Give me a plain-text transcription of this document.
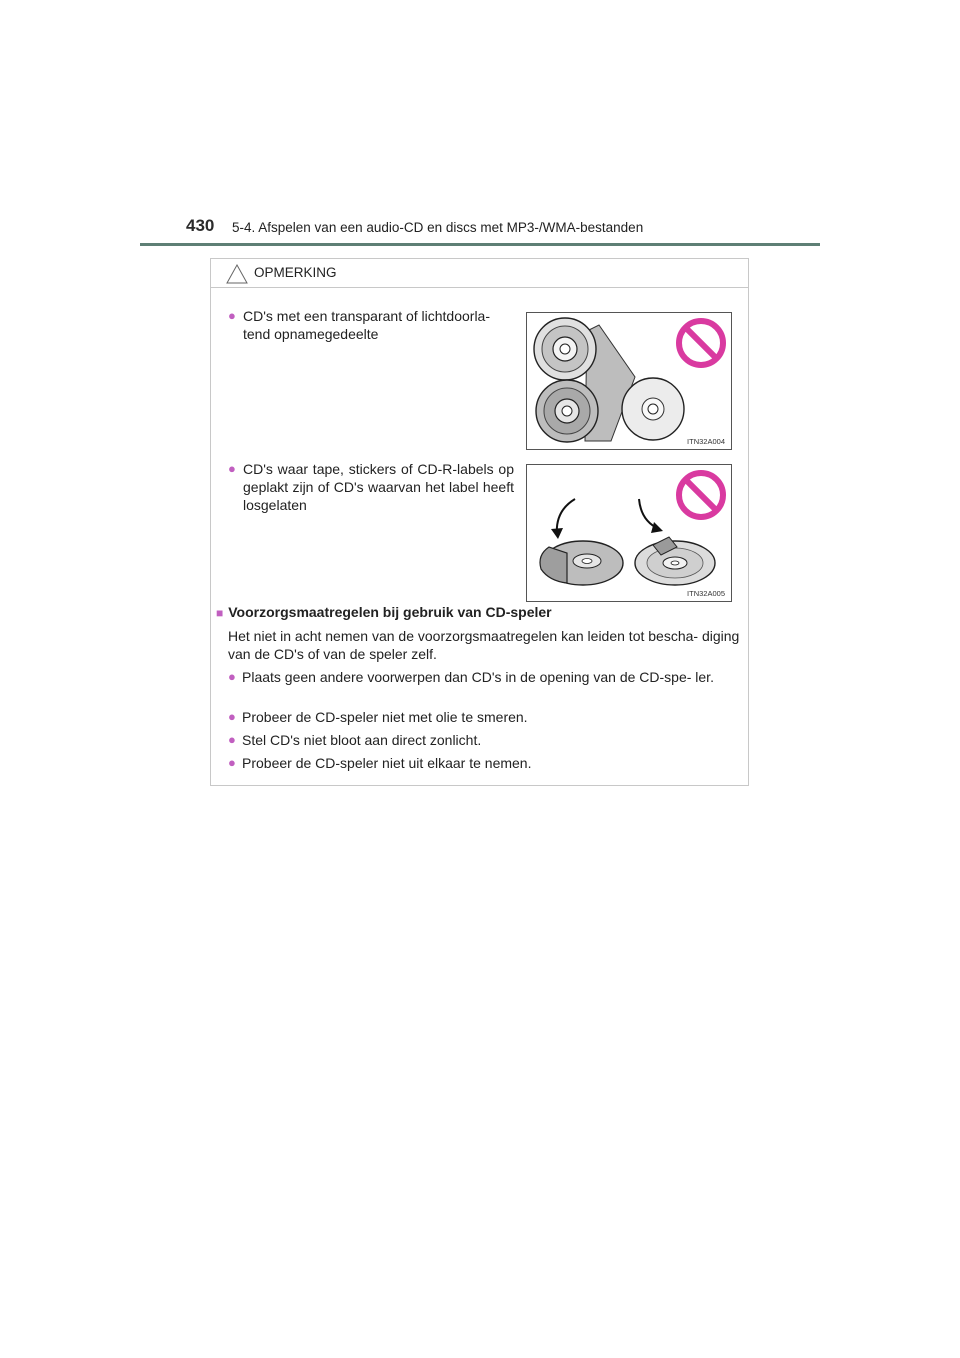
430 5-4. Afspelen van een audio-CD en discs met MP3-/WMA-bestanden
OPMERKING
● CD's met een transparant of lichtdoorla- tend opnamegedeelte
ITN32A004
● CD's waar tape, stickers of CD-R-labels op geplakt zijn of CD's waarvan het label heeft losgelaten
ITN32A005
■ Voorzorgsmaatregelen bij gebruik van CD-speler
Het niet in acht nemen van de voorzorgsmaatregelen kan leiden tot bescha- diging van de CD's of van de speler zelf.
● Plaats geen andere voorwerpen dan CD's in de opening van de CD-spe- ler.
● Probeer de CD-speler niet met olie te smeren.
● Stel CD's niet bloot aan direct zonlicht.
● Probeer de CD-speler niet uit elkaar te nemen.
